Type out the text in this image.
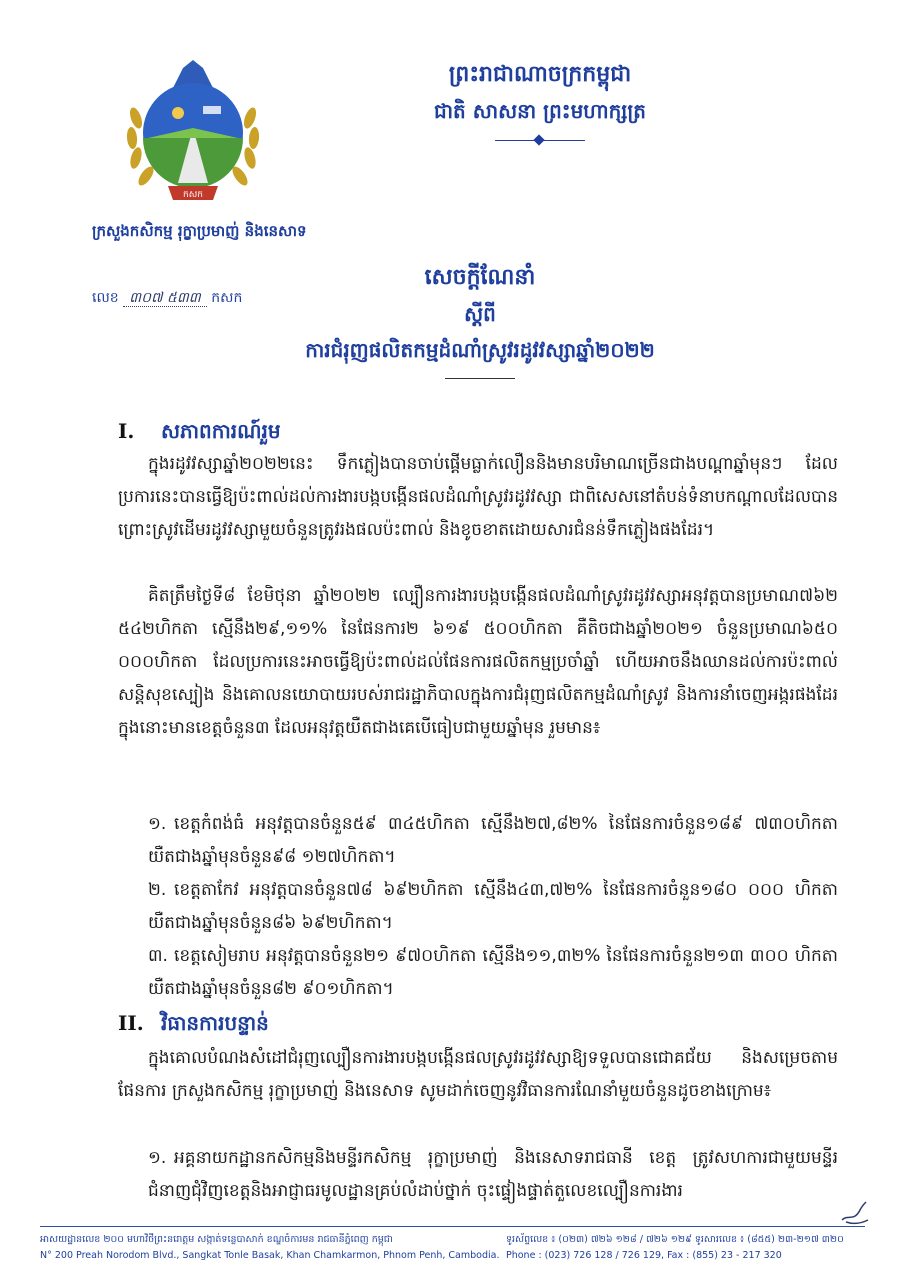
កសក
ព្រះរាជាណាចក្រកម្ពុជា
ជាតិ សាសនា ព្រះមហាក្សត្រ
ក្រសួងកសិកម្ម រុក្ខាប្រមាញ់ និងនេសាទ
លេខ ៣០៧ ៥៣៣ កសក
សេចក្តីណែនាំ
ស្តីពី
ការជំរុញផលិតកម្មដំណាំស្រូវរដូវវស្សាឆ្នាំ២០២២
I. សភាពការណ៍រួម
ក្នុងរដូវវស្សាឆ្នាំ២០២២នេះ ទឹកភ្លៀងបានចាប់ផ្តើមធ្លាក់លឿននិងមានបរិមាណច្រើនជាងបណ្តាឆ្នាំមុនៗ ដែលប្រការនេះបានធ្វើឱ្យប៉ះពាល់ដល់ការងារបង្កបង្កើនផលដំណាំស្រូវរដូវវស្សា ជាពិសេសនៅតំបន់ទំនាបកណ្តាលដែលបានព្រោះស្រូវដើមរដូវវស្សាមួយចំនួនត្រូវរងផលប៉ះពាល់ និងខូចខាតដោយសារជំនន់ទឹកភ្លៀងផងដែរ។
គិតត្រឹមថ្ងៃទី៨ ខែមិថុនា ឆ្នាំ២០២២ ល្បឿនការងារបង្កបង្កើនផលដំណាំស្រូវរដូវវស្សាអនុវត្តបានប្រមាណ៧៦២ ៥៤២ហិកតា ស្មើនឹង២៩,១១% នៃផែនការ២ ៦១៩ ៥០០ហិកតា គឺតិចជាងឆ្នាំ២០២១ ចំនួនប្រមាណ៦៥០ ០០០ហិកតា ដែលប្រការនេះអាចធ្វើឱ្យប៉ះពាល់ដល់ផែនការផលិតកម្មប្រចាំឆ្នាំ ហើយអាចនឹងឈានដល់ការប៉ះពាល់សន្តិសុខស្បៀង និងគោលនយោបាយរបស់រាជរដ្ឋាភិបាលក្នុងការជំរុញផលិតកម្មដំណាំស្រូវ និងការនាំចេញអង្ករផងដែរ ក្នុងនោះមានខេត្តចំនួន៣ ដែលអនុវត្តយឺតជាងគេបើធៀបជាមួយឆ្នាំមុន រួមមាន៖
១. ខេត្តកំពង់ធំ អនុវត្តបានចំនួន៥៩ ៣៤៥ហិកតា ស្មើនឹង២៧,៨២% នៃផែនការចំនួន១៨៩ ៧៣០ហិកតា យឺតជាងឆ្នាំមុនចំនួន៩៨ ១២៧ហិកតា។
២. ខេត្តតាកែវ អនុវត្តបានចំនួន៧៨ ៦៩២ហិកតា ស្មើនឹង៤៣,៧២% នៃផែនការចំនួន១៨០ ០០០ ហិកតា យឺតជាងឆ្នាំមុនចំនួន៨៦ ៦៩២ហិកតា។
៣. ខេត្តសៀមរាប អនុវត្តបានចំនួន២១ ៩៧០ហិកតា ស្មើនឹង១១,៣២% នៃផែនការចំនួន២១៣ ៣០០ ហិកតា យឺតជាងឆ្នាំមុនចំនួន៨២ ៩០១ហិកតា។
II. វិធានការបន្ទាន់
ក្នុងគោលបំណងសំដៅជំរុញល្បឿនការងារបង្កបង្កើនផលស្រូវរដូវវស្សាឱ្យទទួលបានជោគជ័យ និងសម្រេចតាមផែនការ ក្រសួងកសិកម្ម រុក្ខាប្រមាញ់ និងនេសាទ សូមដាក់ចេញនូវវិធានការណែនាំមួយចំនួនដូចខាងក្រោម៖
១. អគ្គនាយកដ្ឋានកសិកម្មនិងមន្ទីរកសិកម្ម រុក្ខាប្រមាញ់ និងនេសាទរាជធានី ខេត្ត ត្រូវសហការជាមួយមន្ទីរជំនាញជុំវិញខេត្តនិងអាជ្ញាធរមូលដ្ឋានគ្រប់លំដាប់ថ្នាក់ ចុះផ្ទៀងផ្ទាត់តួលេខល្បឿនការងារ
អាសយដ្ឋានលេខ ២០០ មហាវិថីព្រះនរោត្តម សង្កាត់ទន្លេបាសាក់ ខណ្ឌចំការមន រាជធានីភ្នំពេញ កម្ពុជា
N° 200 Preah Norodom Blvd., Sangkat Tonle Basak, Khan Chamkarmon, Phnom Penh, Cambodia.
ទូរស័ព្ទលេខ ៖ (០២៣) ៧២៦ ១២៨ / ៧២៦ ១២៩ ទូរសារលេខ ៖ (៨៥៥) ២៣-២១៧ ៣២០
Phone : (023) 726 128 / 726 129, Fax : (855) 23 - 217 320
